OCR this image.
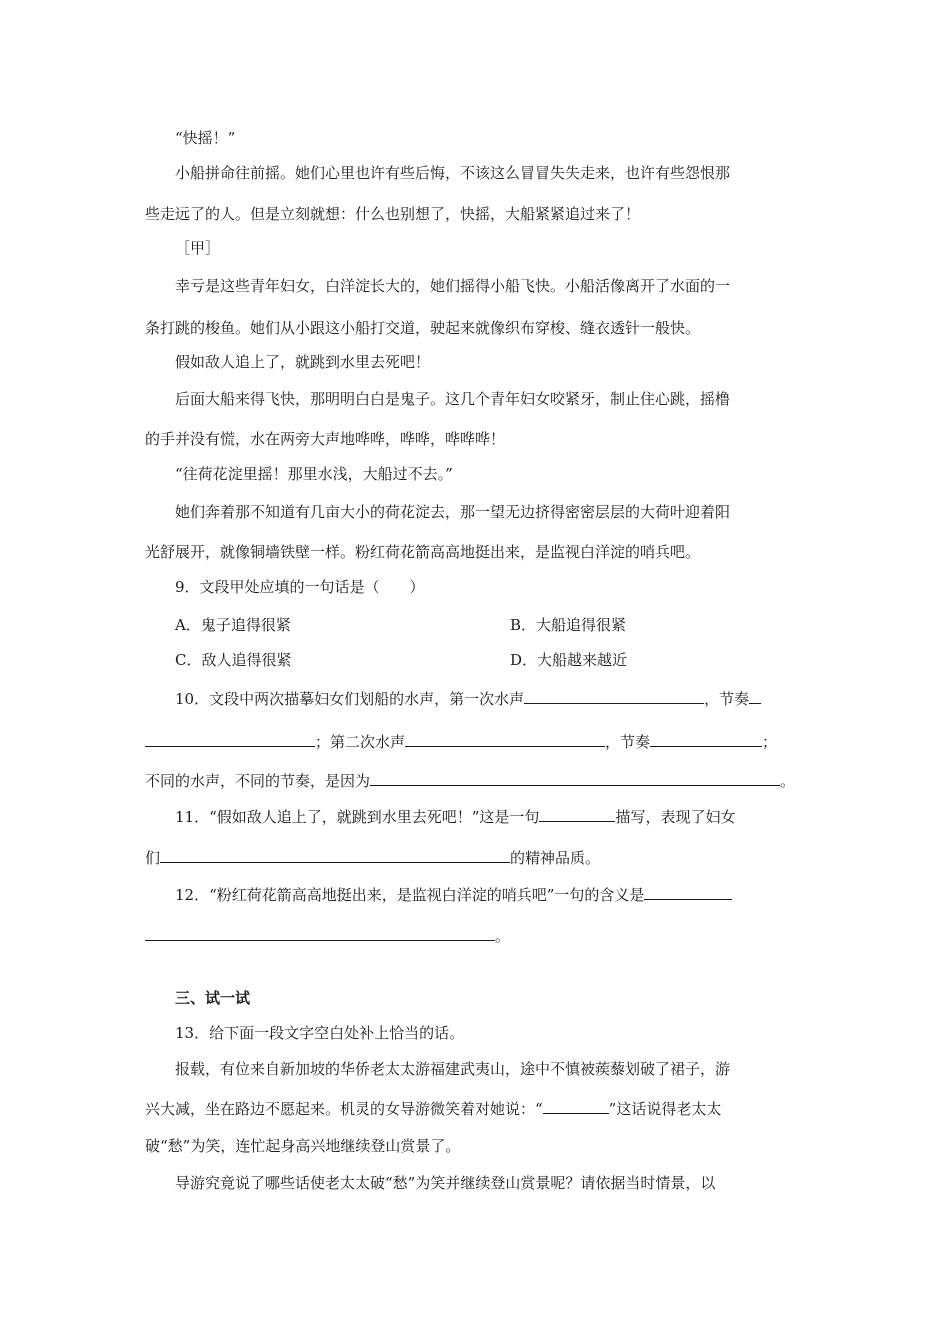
“快摇！”
小船拼命往前摇。她们心里也许有些后悔，不该这么冒冒失失走来，也许有些怨恨那
些走远了的人。但是立刻就想：什么也别想了，快摇，大船紧紧追过来了！
［甲］
幸亏是这些青年妇女，白洋淀长大的，她们摇得小船飞快。小船活像离开了水面的一
条打跳的梭鱼。她们从小跟这小船打交道，驶起来就像织布穿梭、缝衣透针一般快。
假如敌人追上了，就跳到水里去死吧！
后面大船来得飞快，那明明白白是鬼子。这几个青年妇女咬紧牙，制止住心跳，摇橹
的手并没有慌，水在两旁大声地哗哗，哗哗，哗哗哗！
“往荷花淀里摇！那里水浅，大船过不去。”
她们奔着那不知道有几亩大小的荷花淀去，那一望无边挤得密密层层的大荷叶迎着阳
光舒展开，就像铜墙铁壁一样。粉红荷花箭高高地挺出来，是监视白洋淀的哨兵吧。
9．文段甲处应填的一句话是（　　）
A．鬼子追得很紧	B．大船追得很紧
C．敌人追得很紧	D．大船越来越近
10．文段中两次描摹妇女们划船的水声，第一次水声	，节奏
；第二次水声	，节奏	；
不同的水声，不同的节奏，是因为	。
11．“假如敌人追上了，就跳到水里去死吧！”这是一句	描写，表现了妇女
们	的精神品质。
12．“粉红荷花箭高高地挺出来，是监视白洋淀的哨兵吧”一句的含义是
。
三、试一试
13．给下面一段文字空白处补上恰当的话。
报载，有位来自新加坡的华侨老太太游福建武夷山，途中不慎被蒺藜划破了裙子，游
兴大减，坐在路边不愿起来。机灵的女导游微笑着对她说：“	”这话说得老太太
破“愁”为笑，连忙起身高兴地继续登山赏景了。
导游究竟说了哪些话使老太太破“愁”为笑并继续登山赏景呢？请依据当时情景，以
